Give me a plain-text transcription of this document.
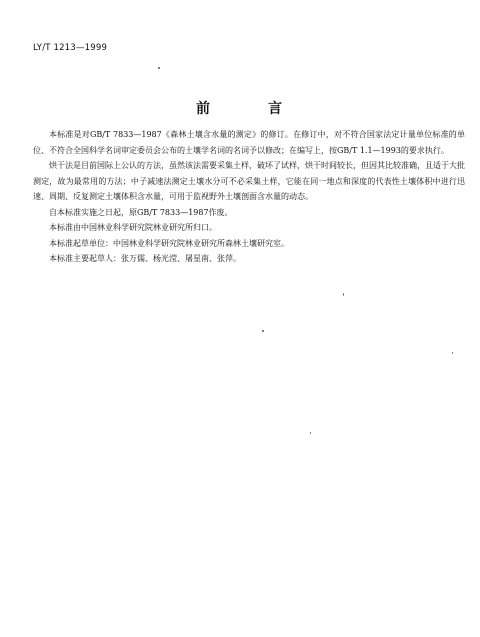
LY/T 1213—1999
前　言

本标准是对GB/T 7833—1987《森林土壤含水量的测定》的修订。在修订中，对不符合国家法定计量单位标准的单位、不符合全国科学名词审定委员会公布的土壤学名词的名词予以修改；在编写上，按GB/T 1.1—1993的要求执行。

烘干法是目前国际上公认的方法，虽然该法需要采集土样，破坏了试样，烘干时间较长，但因其比较准确，且适于大批测定，故为最常用的方法；中子减速法测定土壤水分可不必采集土样，它能在同一地点和深度的代表性土壤体积中进行迅速、周期、反复测定土壤体积含水量，可用于监视野外土壤剖面含水量的动态。

自本标准实施之日起，原GB/T 7833—1987作废。

本标准由中国林业科学研究院林业研究所归口。

本标准起草单位：中国林业科学研究院林业研究所森林土壤研究室。

本标准主要起草人：张万儒、杨光滢、屠星南、张萍。
